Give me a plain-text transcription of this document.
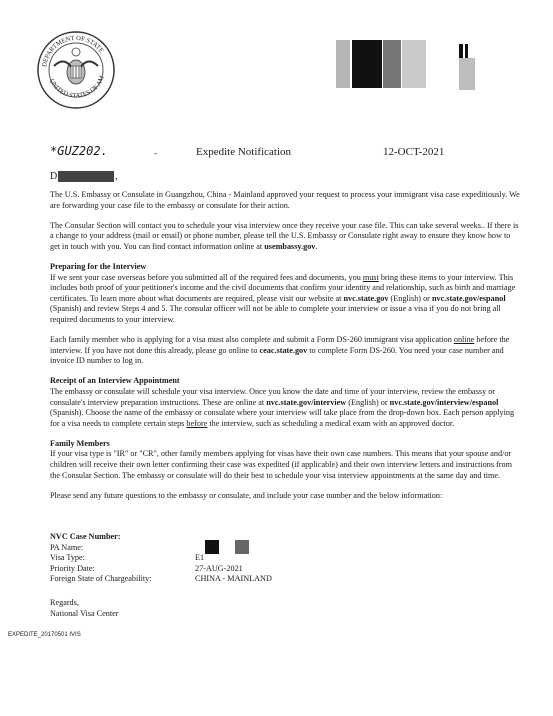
DEPARTMENT OF STATE
UNITED STATES OF AM
*GUZ202.	-	Expedite Notification	12-OCT-2021
D	,

The U.S. Embassy or Consulate in Guangzhou, China - Mainland approved your request to process your immigrant visa case expeditiously. We are forwarding your case file to the embassy or consulate for their action.

The Consular Section will contact you to schedule your visa interview once they receive your case file. This can take several weeks.. If there is a change to your address (mail or email) or phone number, please tell the U.S. Embassy or Consulate right away to ensure they know how to get in touch with you. You can find contact information online at usembassy.gov.

Preparing for the Interview

If we sent your case overseas before you submitted all of the required fees and documents, you must bring these items to your interview. This includes both proof of your petitioner's income and the civil documents that confirm your identity and relationship, such as birth and marriage certificates. To learn more about what documents are required, please visit our website at nvc.state.gov (English) or nvc.state.gov/espanol (Spanish) and review Steps 4 and 5. The consular officer will not be able to complete your interview or issue a visa if you do not bring all required documents to your interview.

Each family member who is applying for a visa must also complete and submit a Form DS-260 immigrant visa application online before the interview. If you have not done this already, please go online to ceac.state.gov to complete Form DS-260. You need your case number and invoice ID number to log in.

Receipt of an Interview Appointment

The embassy or consulate will schedule your visa interview. Once you know the date and time of your interview, review the embassy or consulate's interview preparation instructions. These are online at nvc.state.gov/interview (English) or nvc.state.gov/interview/espanol (Spanish). Choose the name of the embassy or consulate where your interview will take place from the drop-down box. Each person applying for a visa needs to complete certain steps before the interview, such as scheduling a medical exam with an approved doctor.

Family Members

If your visa type is "IR" or "CR", other family members applying for visas have their own case numbers. This means that your spouse and/or children will receive their own letter confirming their case was expedited (if applicable) and their own interview letters and instructions from the Consular Section. The embassy or consulate will do their best to schedule your visa interview appointments at the same day and time.

Please send any future questions to the embassy or consulate, and include your case number and the below information:

NVC Case Number:
PA Name:
Visa Type:	E1
Priority Date:	27-AUG-2021
Foreign State of Chargeability:	CHINA - MAINLAND
Regards,
National Visa Center
EXPEDITE_20170501 IVIS
